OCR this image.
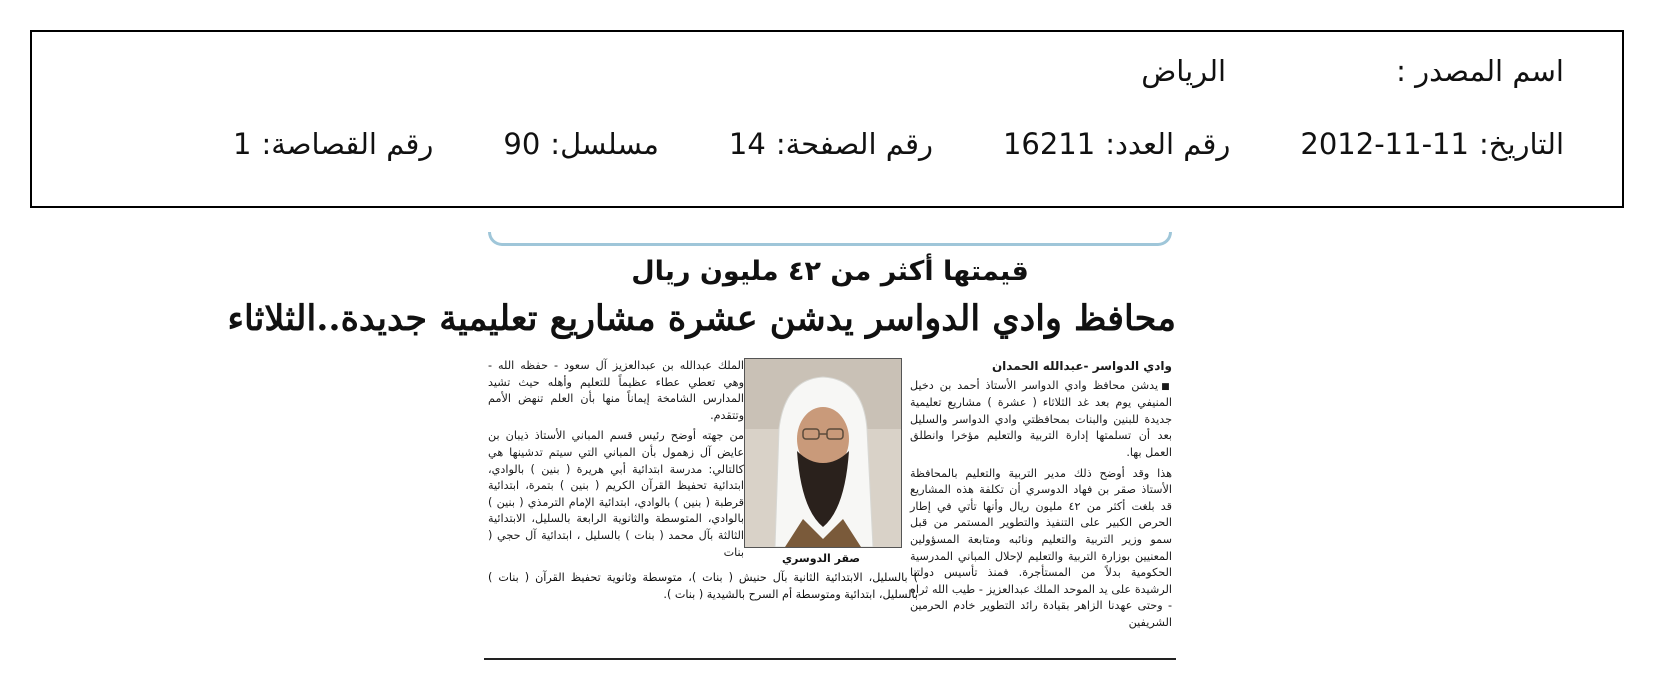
اسم المصدر :
الرياض
التاريخ:
2012-11-11
رقم العدد:
16211
رقم الصفحة:
14
مسلسل:
90
رقم القصاصة:
1
قيمتها أكثر من ٤٢ مليون ريال
محافظ وادي الدواسر يدشن عشرة مشاريع تعليمية جديدة..الثلاثاء
وادي الدواسر -عبدالله الحمدان

■يدشن محافظ وادي الدواسر الأستاذ أحمد بن دخيل المنيفي يوم بعد غد الثلاثاء ( عشرة ) مشاريع تعليمية جديدة للبنين والبنات بمحافظتي وادي الدواسر والسليل بعد أن تسلمتها إدارة التربية والتعليم مؤخرا وانطلق العمل بها.

هذا وقد أوضح ذلك مدير التربية والتعليم بالمحافظة الأستاذ صقر بن فهاد الدوسري أن تكلفة هذه المشاريع قد بلغت أكثر من ٤٢ مليون ريال وأنها تأتي في إطار الحرص الكبير على التنفيذ والتطوير المستمر من قبل سمو وزير التربية والتعليم ونائبه ومتابعة المسؤولين المعنيين بوزارة التربية والتعليم لإحلال المباني المدرسية الحكومية بدلاً من المستأجرة. فمنذ تأسيس دولتنا الرشيدة على يد الموحد الملك عبدالعزيز - طيب الله ثراه - وحتى عهدنا الزاهر بقيادة رائد التطوير خادم الحرمين الشريفين

صقر الدوسري

الملك عبدالله بن عبدالعزيز آل سعود - حفظه الله - وهي تعطي عطاء عظيماً للتعليم وأهله حيث تشيد المدارس الشامخة إيماناً منها بأن العلم تنهض الأمم وتتقدم.

من جهته أوضح رئيس قسم المباني الأستاذ ذيبان بن عايض آل زهمول بأن المباني التي سيتم تدشينها هي كالتالي: مدرسة ابتدائية أبي هريرة ( بنين ) بالوادي، ابتدائية تحفيظ القرآن الكريم ( بنين ) بتمرة، ابتدائية قرطبة ( بنين ) بالوادي، ابتدائية الإمام الترمذي ( بنين ) بالوادي، المتوسطة والثانوية الرابعة بالسليل، الابتدائية الثالثة بآل محمد ( بنات ) بالسليل ، ابتدائية آل حجي ( بنات

) بالسليل، الابتدائية الثانية بآل حنيش ( بنات )، متوسطة وثانوية تحفيظ القرآن ( بنات ) بالسليل، ابتدائية ومتوسطة أم السرح بالشيدية ( بنات ).
